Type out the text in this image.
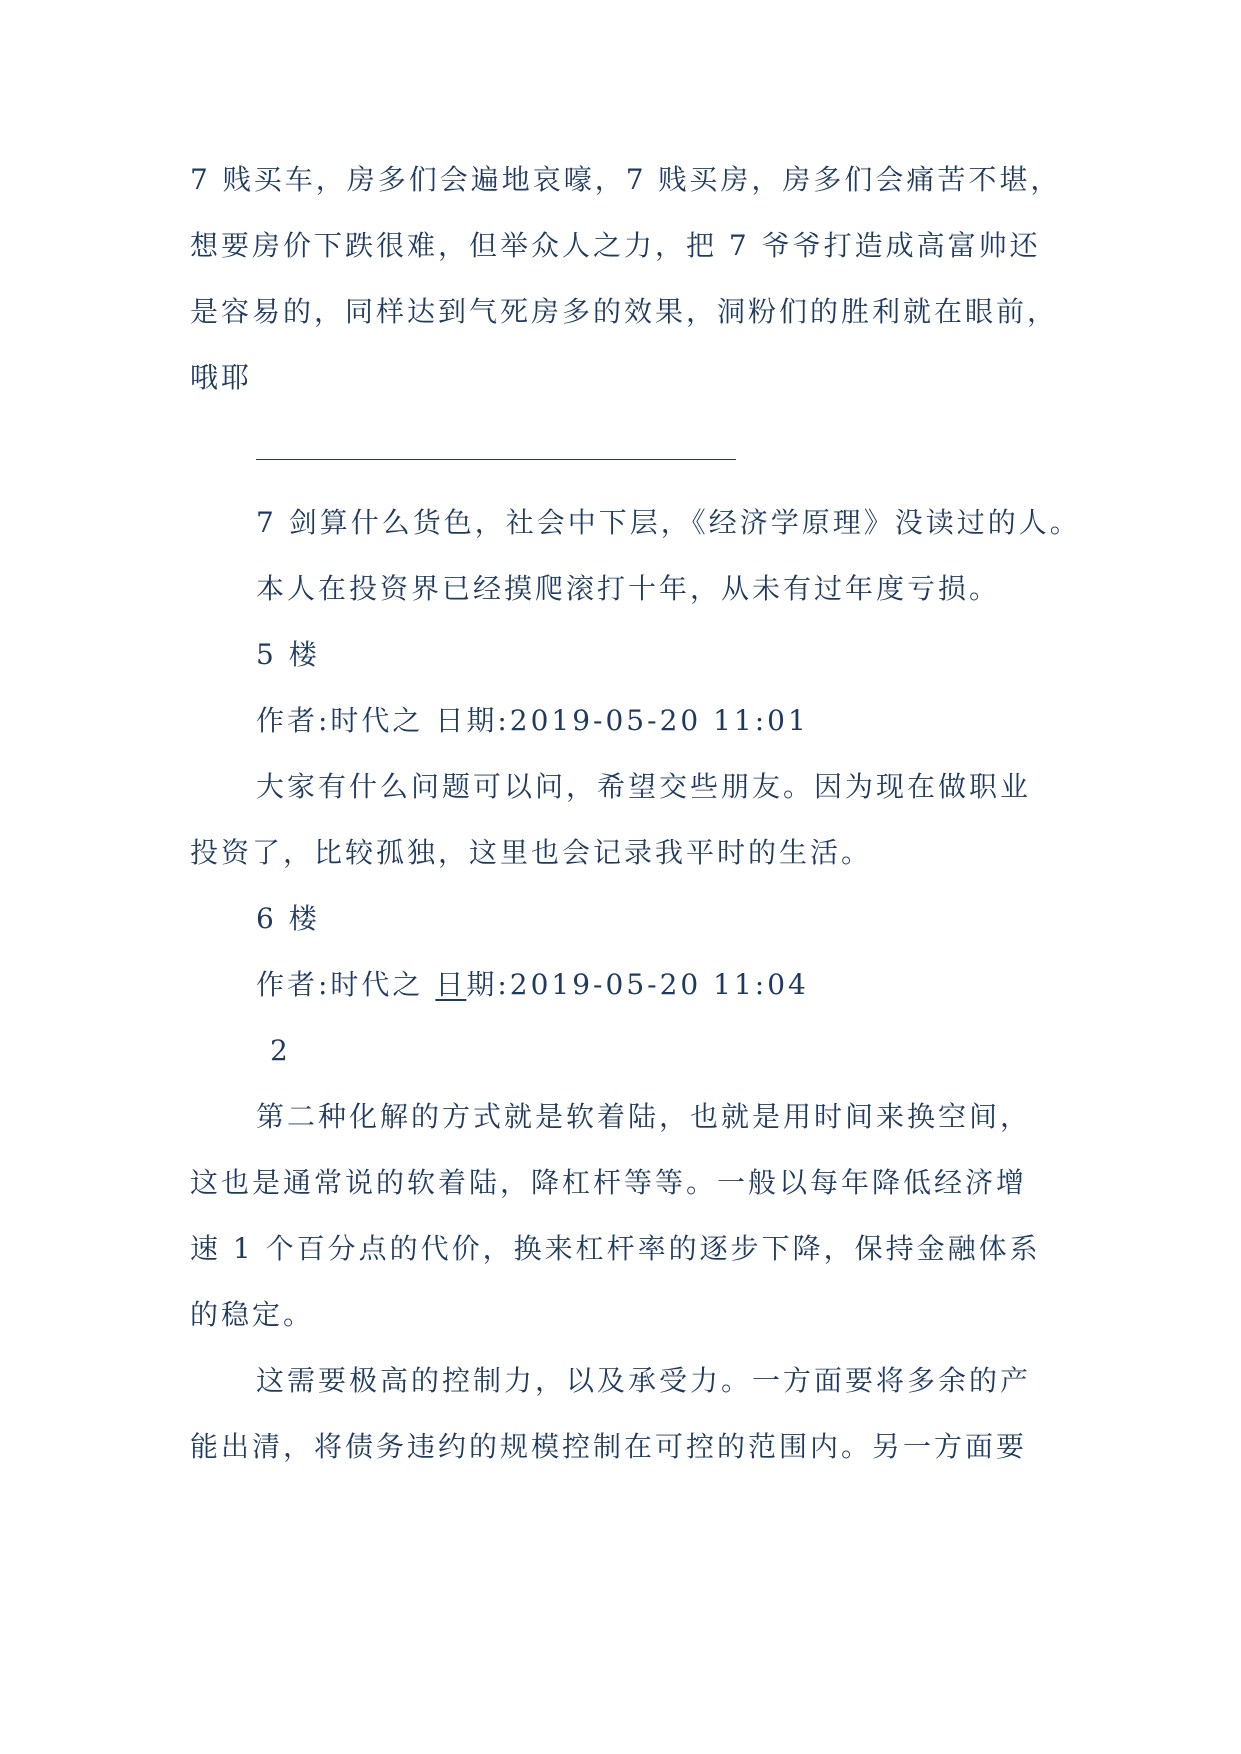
7 贱买车，房多们会遍地哀嚎，7 贱买房，房多们会痛苦不堪，
想要房价下跌很难，但举众人之力，把 7 爷爷打造成高富帅还
是容易的，同样达到气死房多的效果，洞粉们的胜利就在眼前，
哦耶
7 剑算什么货色，社会中下层，《经济学原理》没读过的人。
本人在投资界已经摸爬滚打十年，从未有过年度亏损。
5 楼
作者:时代之 日期:2019-05-20 11:01
大家有什么问题可以问，希望交些朋友。因为现在做职业
投资了，比较孤独，这里也会记录我平时的生活。
6 楼
作者:时代之 日期:2019-05-20 11:04
2
第二种化解的方式就是软着陆，也就是用时间来换空间，
这也是通常说的软着陆，降杠杆等等。一般以每年降低经济增
速 1 个百分点的代价，换来杠杆率的逐步下降，保持金融体系
的稳定。
这需要极高的控制力，以及承受力。一方面要将多余的产
能出清，将债务违约的规模控制在可控的范围内。另一方面要
